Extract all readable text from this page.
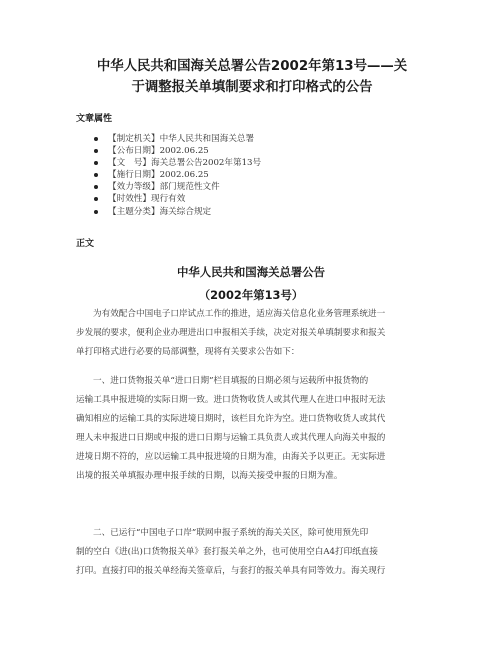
中华人民共和国海关总署公告2002年第13号——关
于调整报关单填制要求和打印格式的公告
文章属性
【制定机关】中华人民共和国海关总署
【公布日期】2002.06.25
【文　号】海关总署公告2002年第13号
【施行日期】2002.06.25
【效力等级】部门规范性文件
【时效性】现行有效
【主题分类】海关综合规定
正文
中华人民共和国海关总署公告
（2002年第13号）

为有效配合中国电子口岸试点工作的推进，适应海关信息化业务管理系统进一
步发展的要求，便利企业办理进出口申报相关手续，决定对报关单填制要求和报关
单打印格式进行必要的局部调整，现将有关要求公告如下：

一、进口货物报关单“进口日期”栏目填报的日期必须与运载所申报货物的
运输工具申报进境的实际日期一致。进口货物收货人或其代理人在进口申报时无法
确知相应的运输工具的实际进境日期时，该栏目允许为空。进口货物收货人或其代
理人未申报进口日期或申报的进口日期与运输工具负责人或其代理人向海关申报的
进境日期不符的，应以运输工具申报进境的日期为准，由海关予以更正。无实际进
出境的报关单填报办理申报手续的日期，以海关接受申报的日期为准。

二、已运行“中国电子口岸”联网申报子系统的海关关区，除可使用预先印
制的空白《进(出)口货物报关单》套打报关单之外，也可使用空白A4打印纸直接
打印。直接打印的报关单经海关签章后，与套打的报关单具有同等效力。海关现行
